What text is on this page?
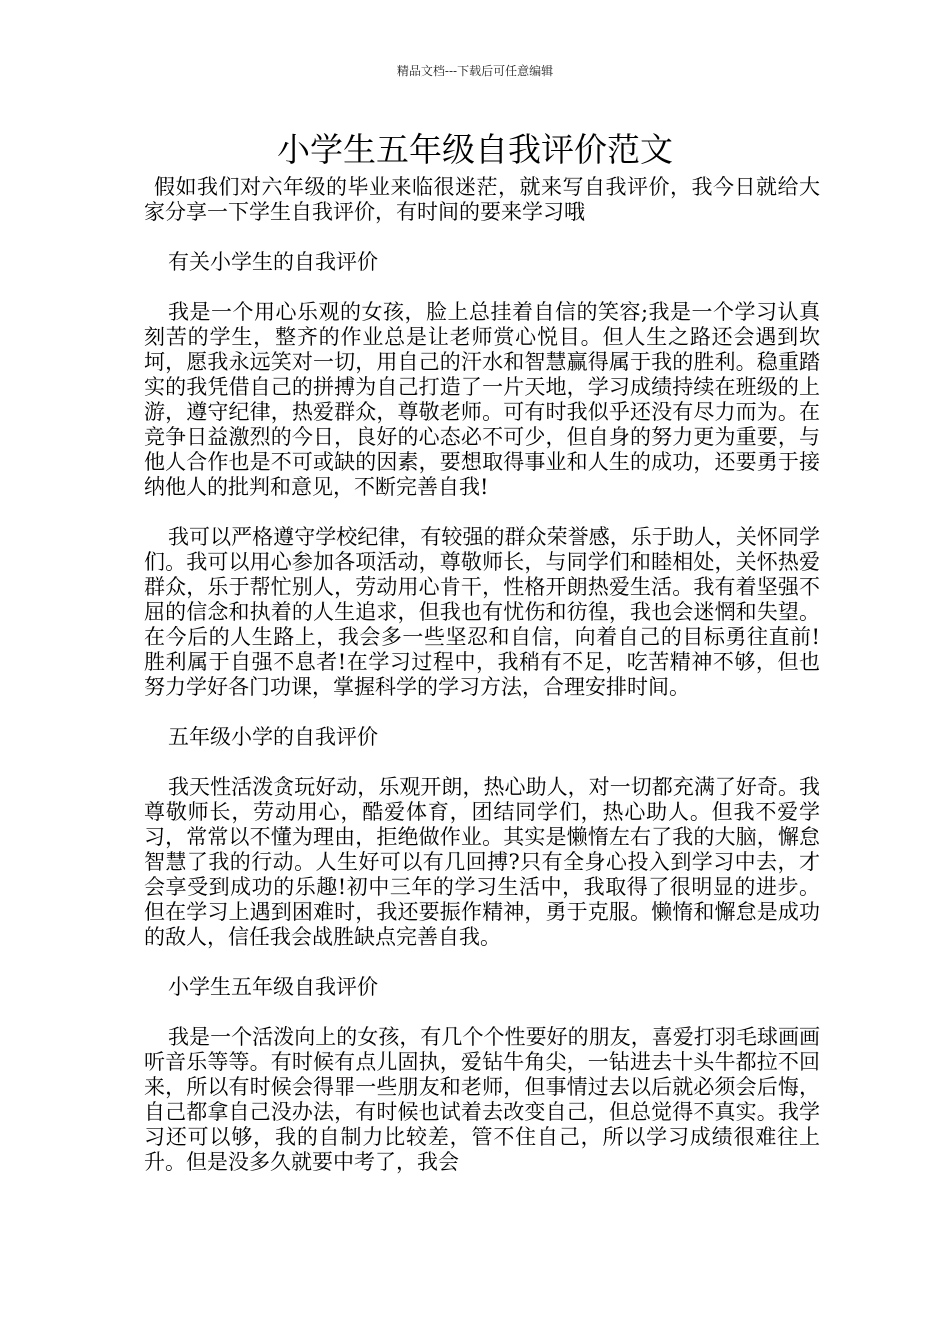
精品文档---下载后可任意编辑
小学生五年级自我评价范文

假如我们对六年级的毕业来临很迷茫，就来写自我评价，我今日就给大家分享一下学生自我评价，有时间的要来学习哦

有关小学生的自我评价

我是一个用心乐观的女孩，脸上总挂着自信的笑容;我是一个学习认真刻苦的学生，整齐的作业总是让老师赏心悦目。但人生之路还会遇到坎坷，愿我永远笑对一切，用自己的汗水和智慧赢得属于我的胜利。稳重踏实的我凭借自己的拼搏为自己打造了一片天地，学习成绩持续在班级的上游，遵守纪律，热爱群众，尊敬老师。可有时我似乎还没有尽力而为。在竞争日益激烈的今日，良好的心态必不可少，但自身的努力更为重要，与他人合作也是不可或缺的因素，要想取得事业和人生的成功，还要勇于接纳他人的批判和意见，不断完善自我!

我可以严格遵守学校纪律，有较强的群众荣誉感，乐于助人，关怀同学们。我可以用心参加各项活动，尊敬师长，与同学们和睦相处，关怀热爱群众，乐于帮忙别人，劳动用心肯干，性格开朗热爱生活。我有着坚强不屈的信念和执着的人生追求，但我也有忧伤和彷徨，我也会迷惘和失望。在今后的人生路上，我会多一些坚忍和自信，向着自己的目标勇往直前!胜利属于自强不息者!在学习过程中，我稍有不足，吃苦精神不够，但也努力学好各门功课，掌握科学的学习方法，合理安排时间。

五年级小学的自我评价

我天性活泼贪玩好动，乐观开朗，热心助人，对一切都充满了好奇。我尊敬师长，劳动用心，酷爱体育，团结同学们，热心助人。但我不爱学习，常常以不懂为理由，拒绝做作业。其实是懒惰左右了我的大脑，懈怠智慧了我的行动。人生好可以有几回搏?只有全身心投入到学习中去，才会享受到成功的乐趣!初中三年的学习生活中，我取得了很明显的进步。但在学习上遇到困难时，我还要振作精神，勇于克服。懒惰和懈怠是成功的敌人，信任我会战胜缺点完善自我。

小学生五年级自我评价

我是一个活泼向上的女孩，有几个个性要好的朋友，喜爱打羽毛球画画听音乐等等。有时候有点儿固执，爱钻牛角尖，一钻进去十头牛都拉不回来，所以有时候会得罪一些朋友和老师，但事情过去以后就必须会后悔，自己都拿自己没办法，有时候也试着去改变自己，但总觉得不真实。我学习还可以够，我的自制力比较差，管不住自己，所以学习成绩很难往上升。但是没多久就要中考了，我会
